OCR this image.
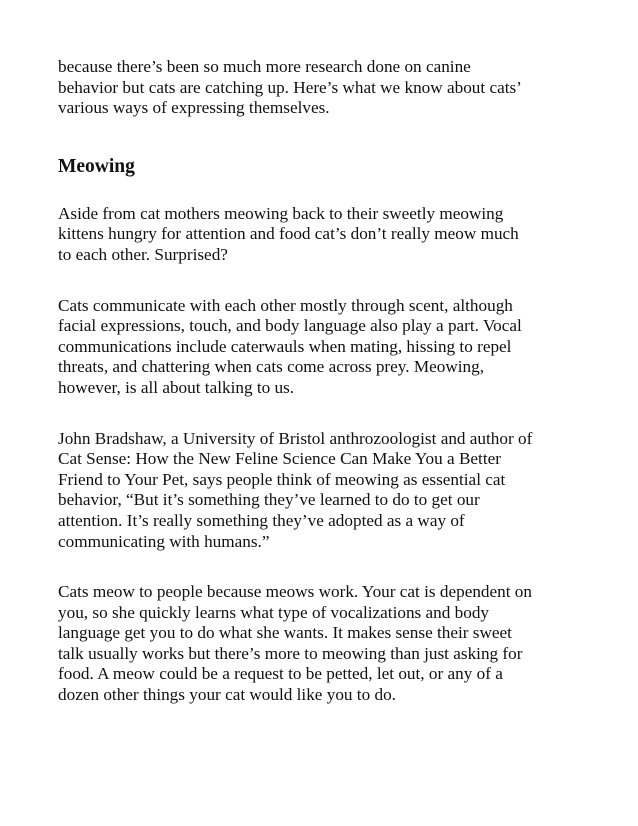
because there’s been so much more research done on canine
behavior but cats are catching up. Here’s what we know about cats’
various ways of expressing themselves.

Meowing

Aside from cat mothers meowing back to their sweetly meowing
kittens hungry for attention and food cat’s don’t really meow much
to each other. Surprised?

Cats communicate with each other mostly through scent, although
facial expressions, touch, and body language also play a part. Vocal
communications include caterwauls when mating, hissing to repel
threats, and chattering when cats come across prey. Meowing,
however, is all about talking to us.

John Bradshaw, a University of Bristol anthrozoologist and author of
Cat Sense: How the New Feline Science Can Make You a Better
Friend to Your Pet, says people think of meowing as essential cat
behavior, “But it’s something they’ve learned to do to get our
attention. It’s really something they’ve adopted as a way of
communicating with humans.”

Cats meow to people because meows work. Your cat is dependent on
you, so she quickly learns what type of vocalizations and body
language get you to do what she wants. It makes sense their sweet
talk usually works but there’s more to meowing than just asking for
food. A meow could be a request to be petted, let out, or any of a
dozen other things your cat would like you to do.
